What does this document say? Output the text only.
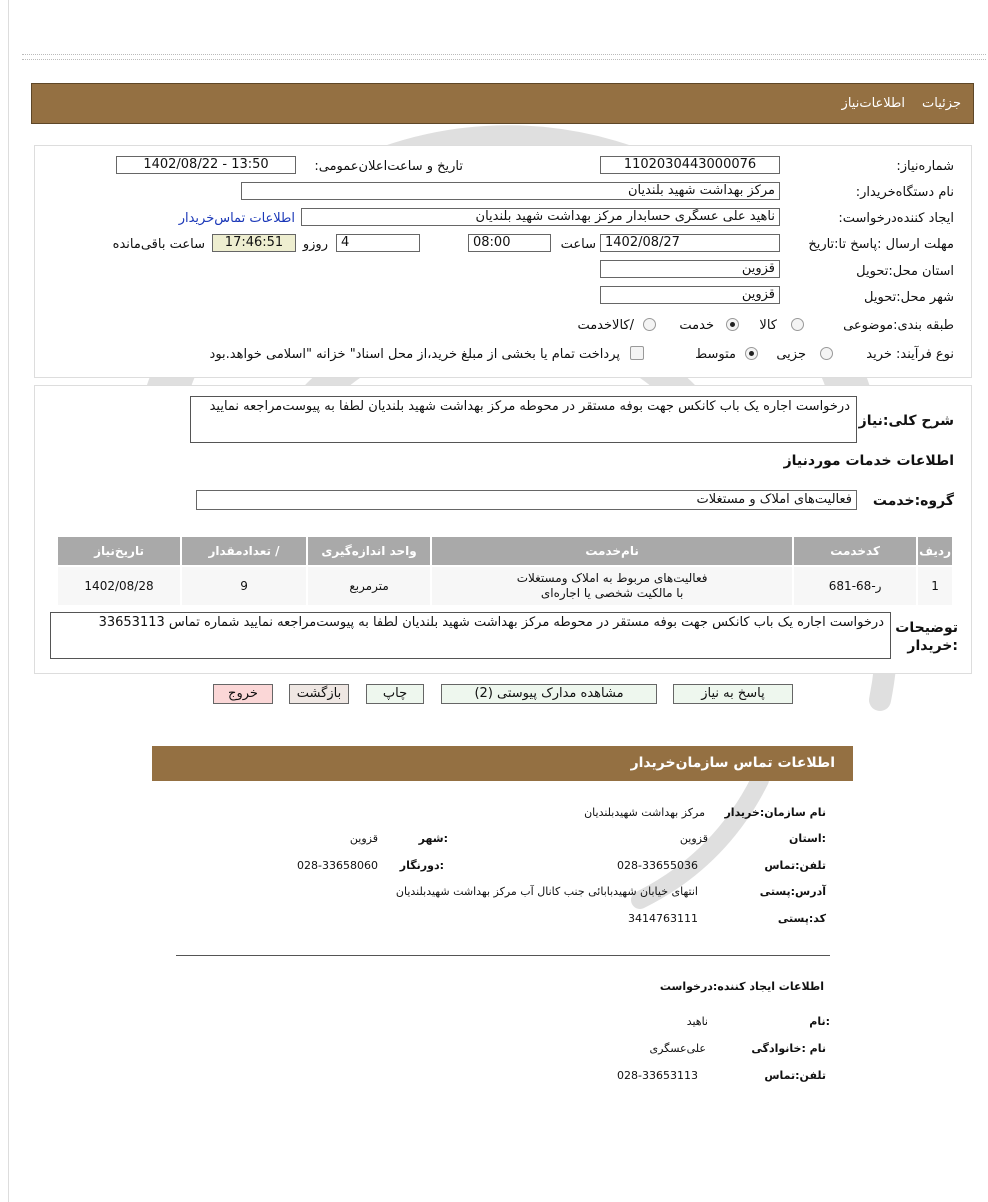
جزئیات
اطلاعات‌نیاز
شماره‌نیاز:
1102030443000076
تاریخ و ساعت‌اعلان‌عمومی:
1402/08/22 - 13:50
نام دستگاه‌خریدار:
مرکز بهداشت شهید بلندیان
ایجاد کننده‌درخواست:
ناهید علی عسگری حسابدار مرکز بهداشت شهید بلندیان
اطلاعات تماس‌خریدار
مهلت ارسال :پاسخ تا:تاریخ
1402/08/27
ساعت
08:00
4
روزو
17:46:51
ساعت باقی‌مانده
استان محل:تحویل
قزوین
شهر محل:تحویل
قزوین
طبقه بندی:موضوعی
کالا
خدمت
/کالاخدمت
نوع فرآیند: خرید
جزیی
متوسط
پرداخت تمام یا بخشی از مبلغ خرید،از محل اسناد" خزانه "اسلامی خواهد.بود
شرح کلی:نیاز
درخواست اجاره یک باب کانکس جهت بوفه مستقر در محوطه مرکز بهداشت شهید بلندیان لطفا به پیوست‌مراجعه نمایید
اطلاعات خدمات موردنیاز
گروه:خدمت
فعالیت‌های املاک و مستغلات
ردیف	کدخدمت	نام‌خدمت	واحد اندازه‌گیری	/ تعدادمقدار	تاریخ‌نیاز
1	ر-68-681	فعالیت‌های مربوط به املاک ومستغلات
با مالکیت شخصی یا اجاره‌ای	مترمربع	9	1402/08/28
توضیحات :خریدار
درخواست اجاره یک باب کانکس جهت بوفه مستقر در محوطه مرکز بهداشت شهید بلندیان لطفا به پیوست‌مراجعه نمایید شماره تماس 33653113
پاسخ به نیاز
مشاهده مدارک پیوستی (2)
چاپ
بازگشت
خروج
اطلاعات تماس سازمان‌خریدار
نام سازمان:خریدار
مرکز بهداشت شهیدبلندیان
:استان
قزوین
:شهر
قزوین
تلفن:تماس
028-33655036
:دورنگار
028-33658060
آدرس:پستی
انتهای خیابان شهیدبابائی جنب کانال آب مرکز بهداشت شهیدبلندیان
کد:پستی
3414763111
اطلاعات ایجاد کننده:درخواست
:نام
ناهید
نام :خانوادگی
علی‌عسگری
تلفن:تماس
028-33653113
